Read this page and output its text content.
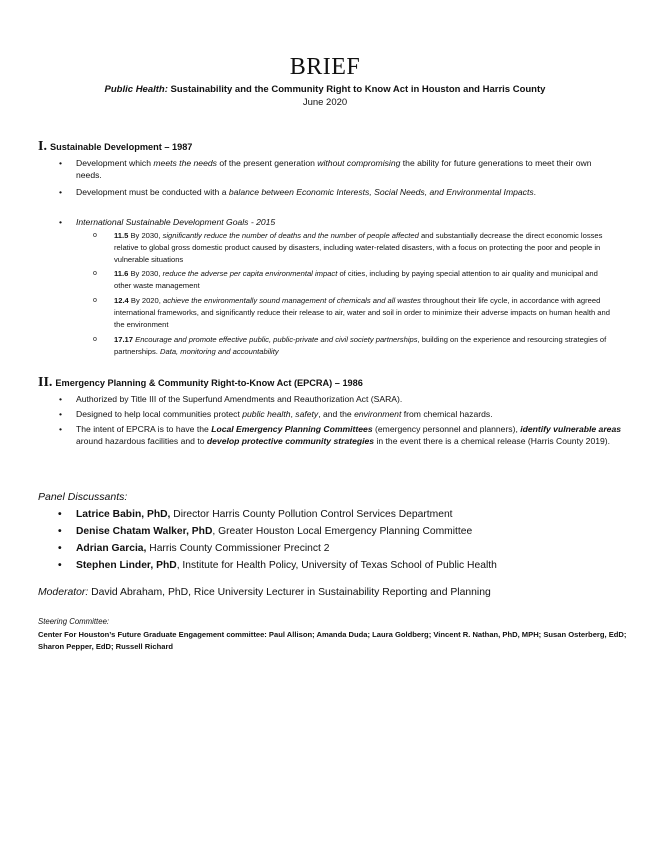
BRIEF
Public Health: Sustainability and the Community Right to Know Act in Houston and Harris County
June 2020
I. Sustainable Development – 1987
• Development which meets the needs of the present generation without compromising the ability for future generations to meet their own needs.
• Development must be conducted with a balance between Economic Interests, Social Needs, and Environmental Impacts.
• International Sustainable Development Goals - 2015
o 11.5 By 2030, significantly reduce the number of deaths and the number of people affected and substantially decrease the direct economic losses relative to global gross domestic product caused by disasters, including water-related disasters, with a focus on protecting the poor and people in vulnerable situations
o 11.6 By 2030, reduce the adverse per capita environmental impact of cities, including by paying special attention to air quality and municipal and other waste management
o 12.4 By 2020, achieve the environmentally sound management of chemicals and all wastes throughout their life cycle, in accordance with agreed international frameworks, and significantly reduce their release to air, water and soil in order to minimize their adverse impacts on human health and the environment
o 17.17 Encourage and promote effective public, public-private and civil society partnerships, building on the experience and resourcing strategies of partnerships. Data, monitoring and accountability
II. Emergency Planning & Community Right-to-Know Act (EPCRA) – 1986
• Authorized by Title III of the Superfund Amendments and Reauthorization Act (SARA).
• Designed to help local communities protect public health, safety, and the environment from chemical hazards.
• The intent of EPCRA is to have the Local Emergency Planning Committees (emergency personnel and planners), identify vulnerable areas around hazardous facilities and to develop protective community strategies in the event there is a chemical release (Harris County 2019).
Panel Discussants:
• Latrice Babin, PhD, Director Harris County Pollution Control Services Department
• Denise Chatam Walker, PhD, Greater Houston Local Emergency Planning Committee
• Adrian Garcia, Harris County Commissioner Precinct 2
• Stephen Linder, PhD, Institute for Health Policy, University of Texas School of Public Health
Moderator: David Abraham, PhD, Rice University Lecturer in Sustainability Reporting and Planning
Steering Committee:
Center For Houston’s Future Graduate Engagement committee: Paul Allison; Amanda Duda; Laura Goldberg; Vincent R. Nathan, PhD, MPH; Susan Osterberg, EdD; Sharon Pepper, EdD; Russell Richard
